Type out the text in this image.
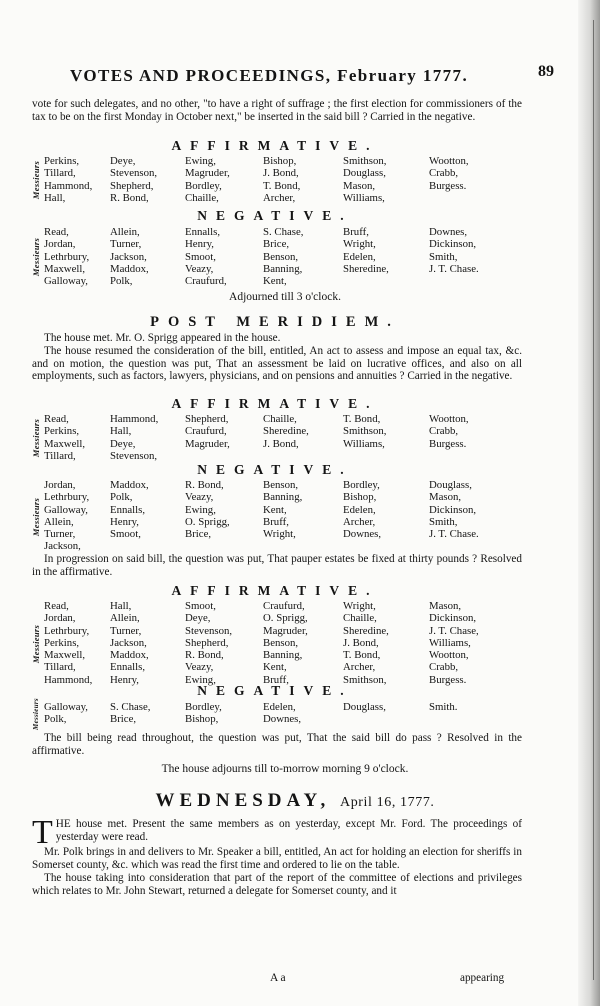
VOTES AND PROCEEDINGS, February 1777.	89
vote for such delegates, and no other, "to have a right of suffrage ; the first election for commissioners of the tax to be on the first Monday in October next," be inserted in the said bill ? Carried in the negative.
AFFIRMATIVE.
Messieurs Perkins,	Deye,	Ewing,	Bishop,	Smithson,	Wootton,
Tillard,	Stevenson,	Magruder,	J. Bond,	Douglass,	Crabb,
Hammond,	Shepherd,	Bordley,	T. Bond,	Mason,	Burgess.
Hall,	R. Bond,	Chaille,	Archer,	Williams,
NEGATIVE.
Messieurs
Read,	Allein,	Ennalls,	S. Chase,	Bruff,	Downes,
Jordan,	Turner,	Henry,	Brice,	Wright,	Dickinson,
Lethrbury,	Jackson,	Smoot,	Benson,	Edelen,	Smith,
Maxwell,	Maddox,	Veazy,	Banning,	Sheredine,	J. T. Chase.
Galloway,	Polk,	Craufurd,	Kent,
Adjourned till 3 o'clock.
POST MERIDIEM.
The house met. Mr. O. Sprigg appeared in the house.
The house resumed the consideration of the bill, entitled, An act to assess and impose an equal tax, &c. and on motion, the question was put, That an assessment be laid on lucrative offices, and also on all employments, such as factors, lawyers, physicians, and on pensions and annuities ? Carried in the negative.
AFFIRMATIVE.
Messieurs Read,	Hammond,	Shepherd,	Chaille,	T. Bond,	Wootton,
Perkins,	Hall,	Craufurd,	Sheredine,	Smithson,	Crabb,
Maxwell,	Deye,	Magruder,	J. Bond,	Williams,	Burgess.
Tillard,	Stevenson,
NEGATIVE.
Messieurs
Jordan,	Maddox,	R. Bond,	Benson,	Bordley,	Douglass,
Lethrbury,	Polk,	Veazy,	Banning,	Bishop,	Mason,
Galloway,	Ennalls,	Ewing,	Kent,	Edelen,	Dickinson,
Allein,	Henry,	O. Sprigg,	Bruff,	Archer,	Smith,
Turner,	Smoot,	Brice,	Wright,	Downes,	J. T. Chase.
Jackson,
In progression on said bill, the question was put, That pauper estates be fixed at thirty pounds ? Resolved in the affirmative.
AFFIRMATIVE.
Messieurs
Read,	Hall,	Smoot,	Craufurd,	Wright,	Mason,
Jordan,	Allein,	Deye,	O. Sprigg,	Chaille,	Dickinson,
Lethrbury,	Turner,	Stevenson,	Magruder,	Sheredine,	J. T. Chase,
Perkins,	Jackson,	Shepherd,	Benson,	J. Bond,	Williams,
Maxwell,	Maddox,	R. Bond,	Banning,	T. Bond,	Wootton,
Tillard,	Ennalls,	Veazy,	Kent,	Archer,	Crabb,
Hammond,	Henry,	Ewing,	Bruff,	Smithson,	Burgess.
NEGATIVE.
Messieurs Galloway,	S. Chase,	Bordley,	Edelen,	Douglass,	Smith.
Polk,	Brice,	Bishop,	Downes,
The bill being read throughout, the question was put, That the said bill do pass ? Resolved in the affirmative.
The house adjourns till to-morrow morning 9 o'clock.
WEDNESDAY, April 16, 1777.
THE house met. Present the same members as on yesterday, except Mr. Ford. The proceedings of yesterday were read.
Mr. Polk brings in and delivers to Mr. Speaker a bill, entitled, An act for holding an election for sheriffs in Somerset county, &c. which was read the first time and ordered to lie on the table.
The house taking into consideration that part of the report of the committee of elections and privileges which relates to Mr. John Stewart, returned a delegate for Somerset county, and it
A a	appearing
